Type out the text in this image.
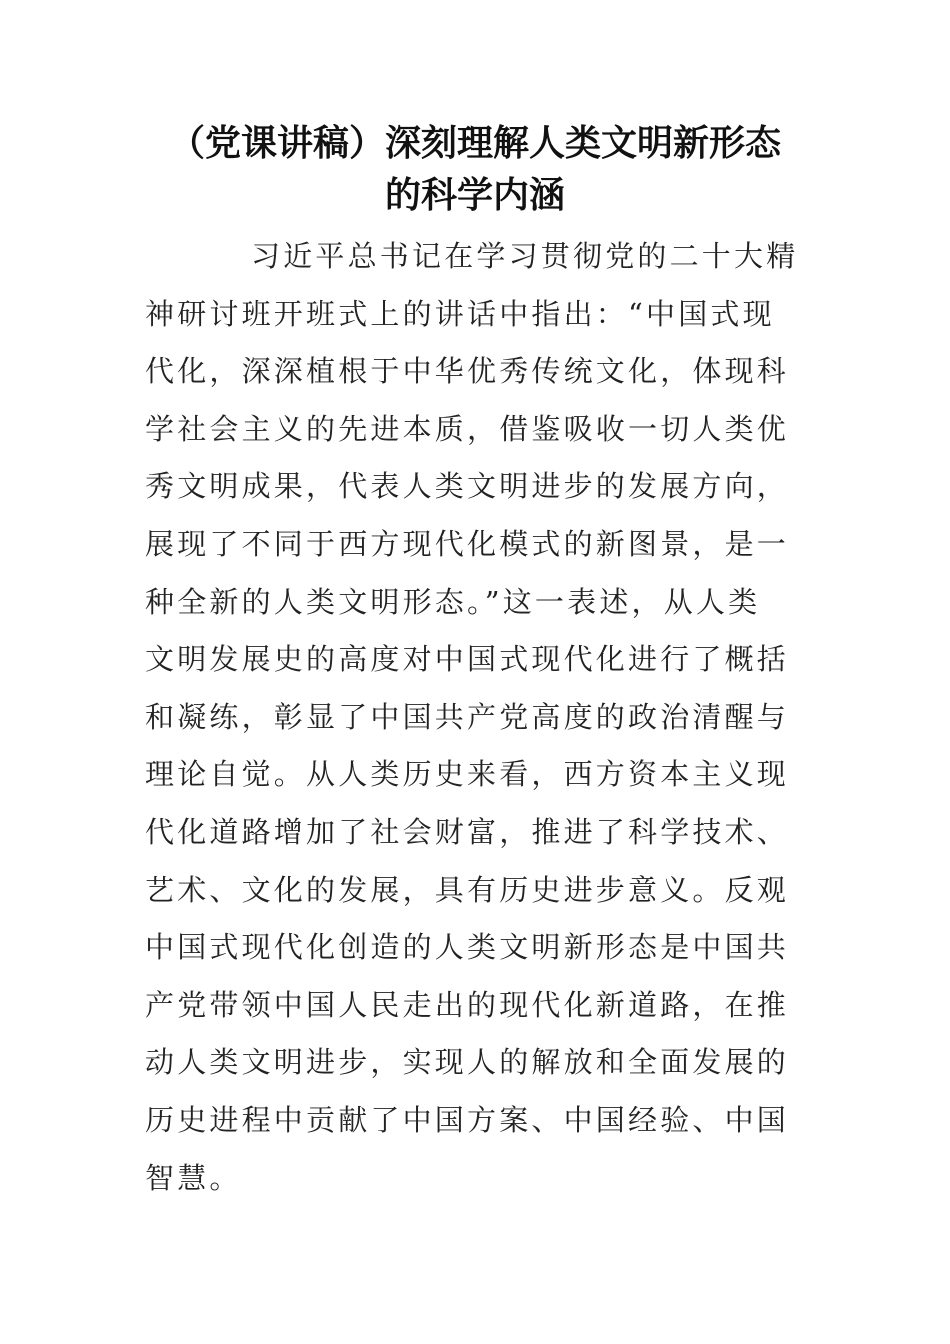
（党课讲稿）深刻理解人类文明新形态
的科学内涵
习近平总书记在学习贯彻党的二十大精
神研讨班开班式上的讲话中指出：“中国式现
代化，深深植根于中华优秀传统文化，体现科
学社会主义的先进本质，借鉴吸收一切人类优
秀文明成果，代表人类文明进步的发展方向，
展现了不同于西方现代化模式的新图景，是一
种全新的人类文明形态。”这一表述，从人类
文明发展史的高度对中国式现代化进行了概括
和凝练，彰显了中国共产党高度的政治清醒与
理论自觉。从人类历史来看，西方资本主义现
代化道路增加了社会财富，推进了科学技术、
艺术、文化的发展，具有历史进步意义。反观
中国式现代化创造的人类文明新形态是中国共
产党带领中国人民走出的现代化新道路，在推
动人类文明进步，实现人的解放和全面发展的
历史进程中贡献了中国方案、中国经验、中国
智慧。
